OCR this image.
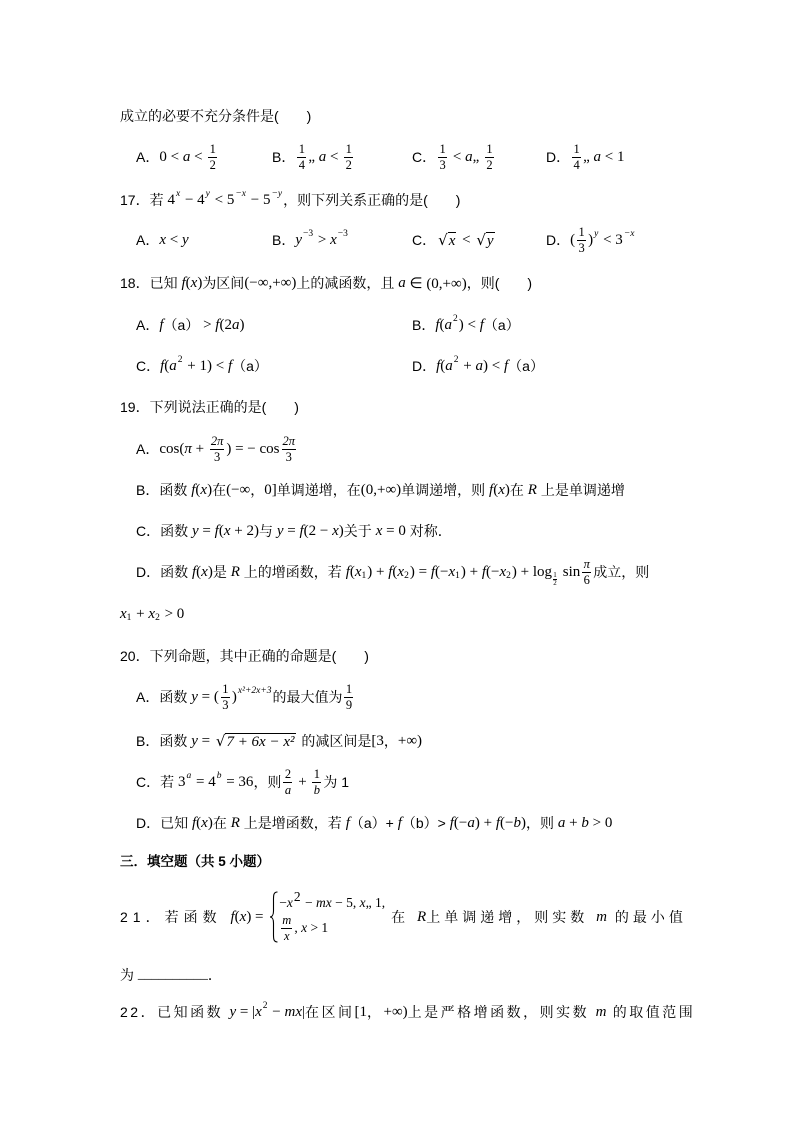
成立的必要不充分条件是(　　)
A． $0 < a < \frac{1}{2}$	B． $\frac{1}{4}$ „ $a < \frac{1}{2}$	C． $\frac{1}{3} < a$ „ $\frac{1}{2}$	D． $\frac{1}{4}$ „ a < 1
17．若 4 x − 4 y < 5 −x − 5 −y ，则下列关系正确的是(　　)
A． x < y	B． y −3 > x −3	C． √ x < √ y	D． ( $\frac{1}{3}$ ) y < 3 −x
18．已知 f ( x ) 为区间 (−∞,+∞) 上的减函数，且 a ∈ (0,+∞) ，则(　　)
A． f （a） > f (2 a )	B． f ( a 2 ) < f （a）
C． f ( a 2 + 1) < f （a）	D． f ( a 2 + a ) < f （a）
19．下列说法正确的是(　　)
A． cos( $\pi + \frac{2\pi}{3}$ ) = − $\cos \frac{2\pi}{3}$
B．函数 f ( x ) 在 (−∞ ， 0] 单调递增，在 (0,+∞) 单调递增，则 f ( x ) 在 R 上是单调递增
C．函数 y = f ( x + 2) 与 y = f (2 − x ) 关于 x = 0 对称．
D．函数 f ( x ) 是 R 上的增函数，若 f ( x 1 ) + f ( x 2 ) = f (− x 1 ) + f (− x 2 ) + $\log \frac{1}{2}$ $\sin \frac{\pi}{6}$ 成立，则
x 1 + x 2 > 0
20．下列命题，其中正确的命题是(　　)
A．函数 y = ( $\frac{1}{3}$ ) x²+2x+3 的最大值为 $\frac{1}{9}$
B．函数 y = √ 7 + 6x − x² 的减区间是 [3 ， +∞)
C．若 3 a = 4 b = 36 ，则 $\frac{2}{a} + \frac{1}{b}$ 为 1
D．已知 f ( x ) 在 R 上是增函数，若 f （a）+ f （b）> f (− a ) + f (− b ) ，则 a + b > 0
三．填空题（共 5 小题）
21．若函数 f ( x ) =
− x 2 − mx − 5, x „ 1,
$\frac{m}{x}$ , x > 1
在 R 上单调递增，则实数 m 的最小值
为 __________ ．
22．已知函数 y = | x 2 − mx | 在区间 [1 ， +∞) 上是严格增函数，则实数 m 的取值范围
